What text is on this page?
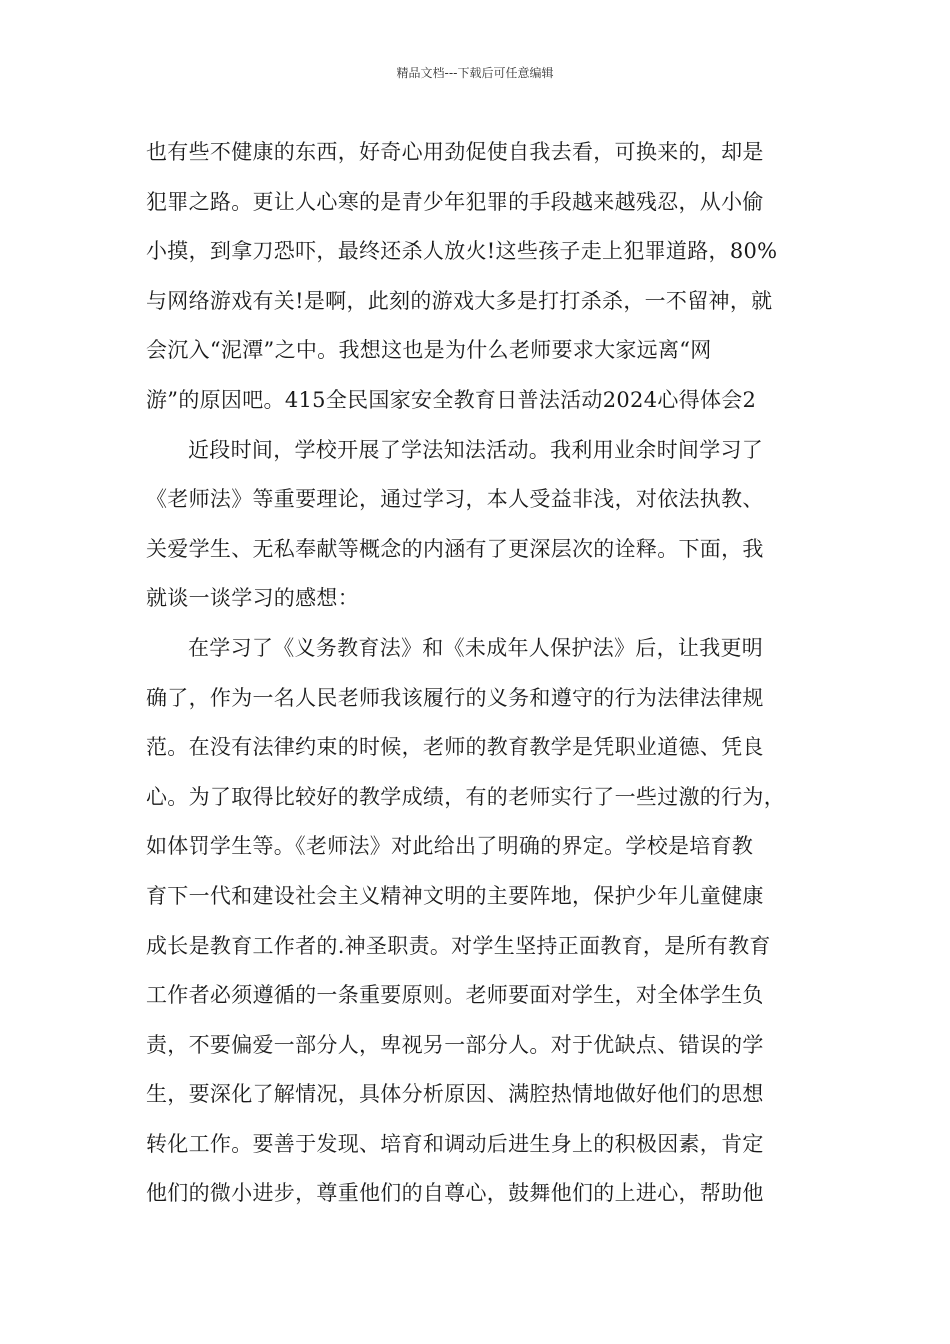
精品文档---下载后可任意编辑
也有些不健康的东西，好奇心用劲促使自我去看，可换来的，却是
犯罪之路。更让人心寒的是青少年犯罪的手段越来越残忍，从小偷
小摸，到拿刀恐吓，最终还杀人放火!这些孩子走上犯罪道路，80%
与网络游戏有关!是啊，此刻的游戏大多是打打杀杀，一不留神，就
会沉入“泥潭”之中。我想这也是为什么老师要求大家远离“网
游”的原因吧。415全民国家安全教育日普法活动2024心得体会2
近段时间，学校开展了学法知法活动。我利用业余时间学习了
《老师法》等重要理论，通过学习，本人受益非浅，对依法执教、
关爱学生、无私奉献等概念的内涵有了更深层次的诠释。下面，我
就谈一谈学习的感想：
在学习了《义务教育法》和《未成年人保护法》后，让我更明
确了，作为一名人民老师我该履行的义务和遵守的行为法律法律规
范。在没有法律约束的时候，老师的教育教学是凭职业道德、凭良
心。为了取得比较好的教学成绩，有的老师实行了一些过激的行为，
如体罚学生等。《老师法》对此给出了明确的界定。学校是培育教
育下一代和建设社会主义精神文明的主要阵地，保护少年儿童健康
成长是教育工作者的.神圣职责。对学生坚持正面教育，是所有教育
工作者必须遵循的一条重要原则。老师要面对学生，对全体学生负
责，不要偏爱一部分人，卑视另一部分人。对于优缺点、错误的学
生，要深化了解情况，具体分析原因、满腔热情地做好他们的思想
转化工作。要善于发现、培育和调动后进生身上的积极因素，肯定
他们的微小进步，尊重他们的自尊心，鼓舞他们的上进心，帮助他
